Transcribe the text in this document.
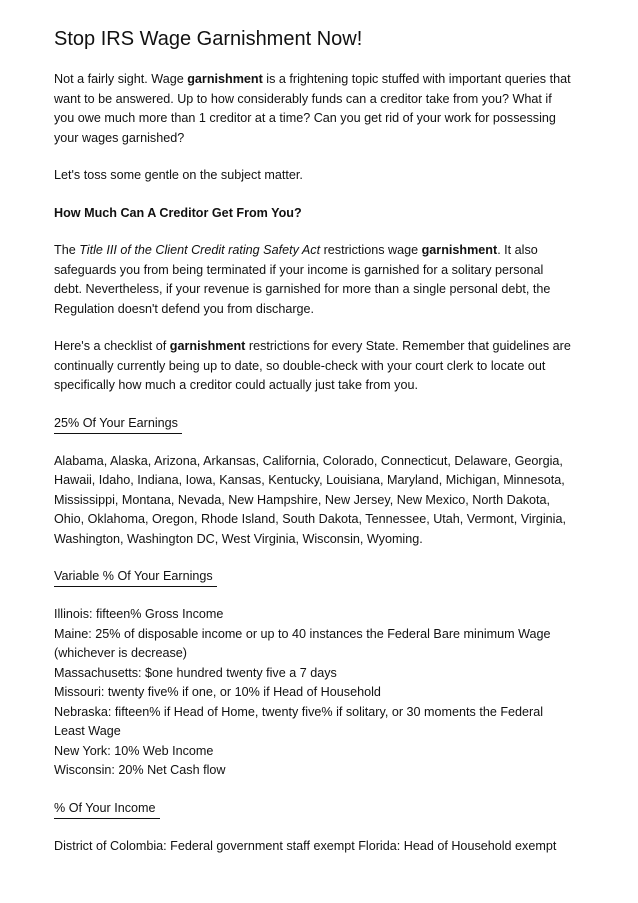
Stop IRS Wage Garnishment Now!

Not a fairly sight. Wage garnishment is a frightening topic stuffed with important queries that
want to be answered. Up to how considerably funds can a creditor take from you? What if
you owe much more than 1 creditor at a time? Can you get rid of your work for possessing
your wages garnished?

Let's toss some gentle on the subject matter.

How Much Can A Creditor Get From You?

The Title III of the Client Credit rating Safety Act restrictions wage garnishment. It also
safeguards you from being terminated if your income is garnished for a solitary personal
debt. Nevertheless, if your revenue is garnished for more than a single personal debt, the
Regulation doesn't defend you from discharge.

Here's a checklist of garnishment restrictions for every State. Remember that guidelines are
continually currently being up to date, so double-check with your court clerk to locate out
specifically how much a creditor could actually just take from you.

25% Of Your Earnings

Alabama, Alaska, Arizona, Arkansas, California, Colorado, Connecticut, Delaware, Georgia,
Hawaii, Idaho, Indiana, Iowa, Kansas, Kentucky, Louisiana, Maryland, Michigan, Minnesota,
Mississippi, Montana, Nevada, New Hampshire, New Jersey, New Mexico, North Dakota,
Ohio, Oklahoma, Oregon, Rhode Island, South Dakota, Tennessee, Utah, Vermont, Virginia,
Washington, Washington DC, West Virginia, Wisconsin, Wyoming.

Variable % Of Your Earnings

Illinois: fifteen% Gross Income
Maine: 25% of disposable income or up to 40 instances the Federal Bare minimum Wage
(whichever is decrease)
Massachusetts: $one hundred twenty five a 7 days
Missouri: twenty five% if one, or 10% if Head of Household
Nebraska: fifteen% if Head of Home, twenty five% if solitary, or 30 moments the Federal
Least Wage
New York: 10% Web Income
Wisconsin: 20% Net Cash flow

% Of Your Income

District of Colombia: Federal government staff exempt Florida: Head of Household exempt
